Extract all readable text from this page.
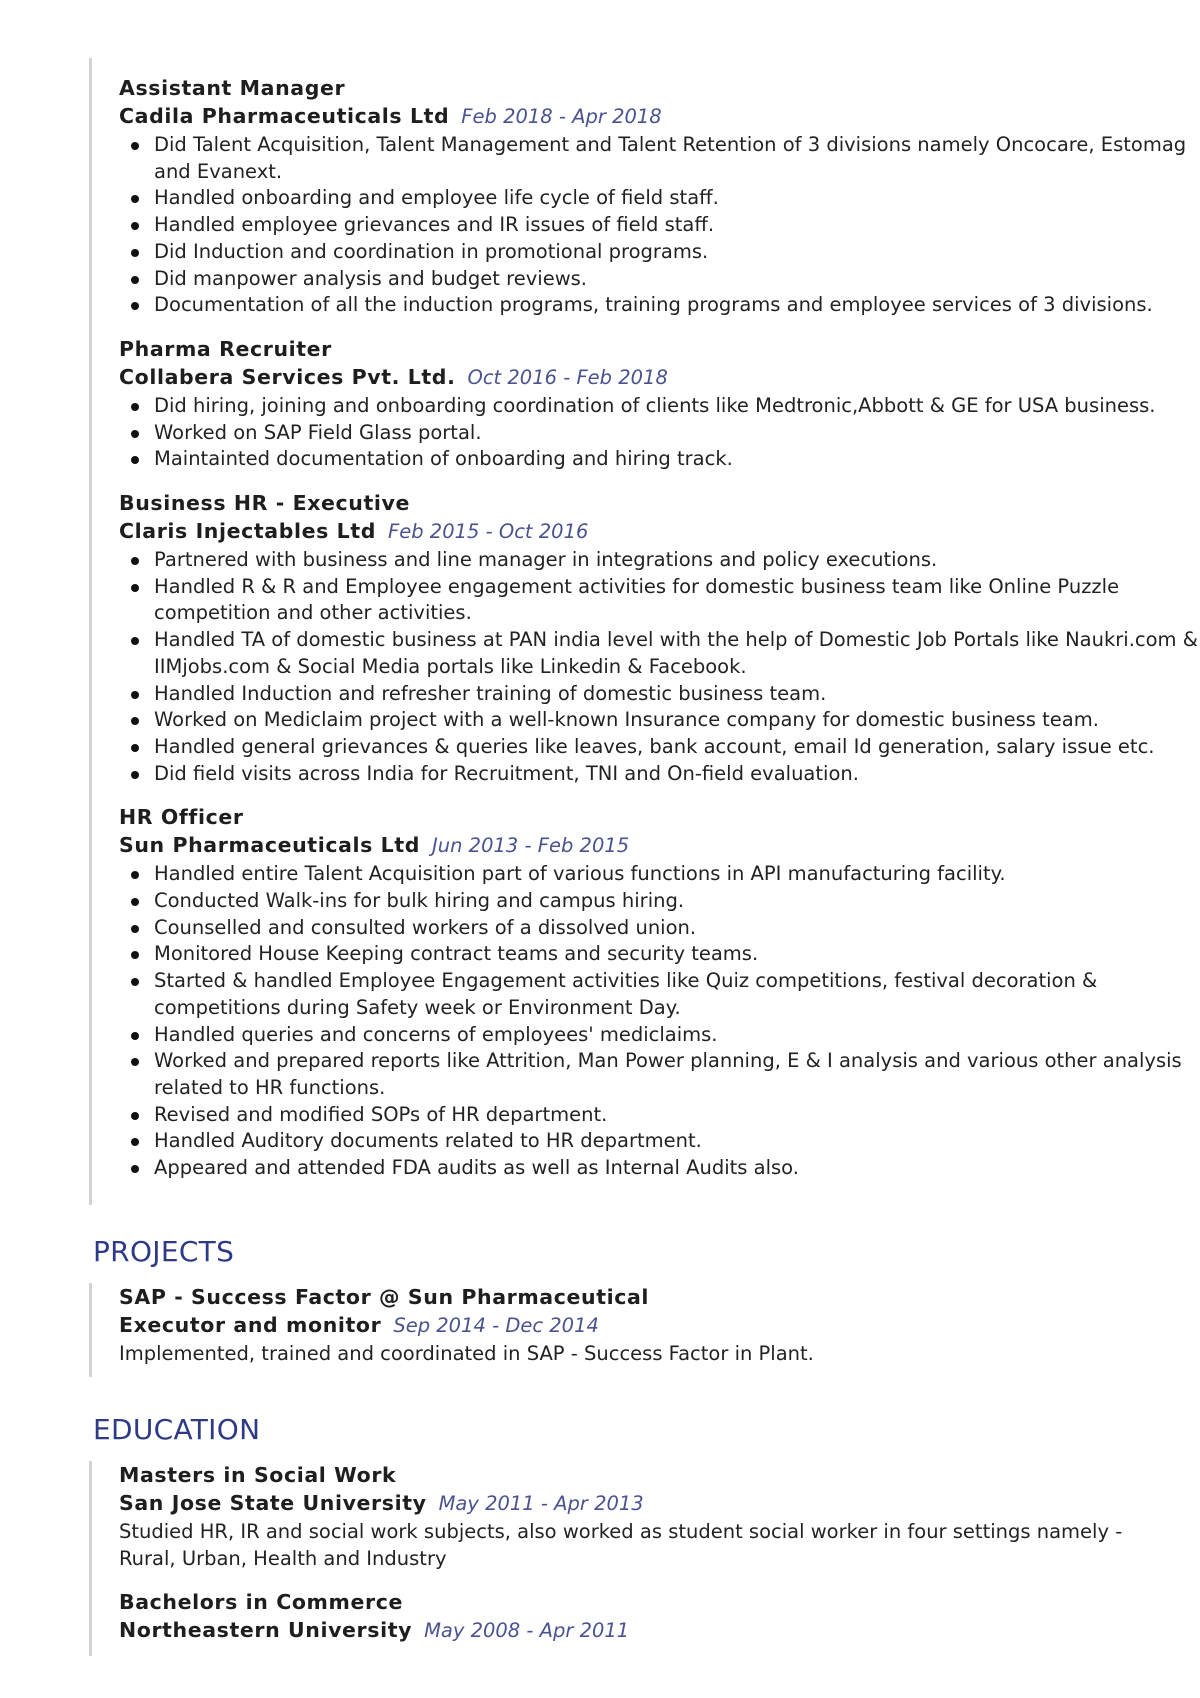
Assistant Manager
Cadila Pharmaceuticals Ltd Feb 2018 - Apr 2018
Did Talent Acquisition, Talent Management and Talent Retention of 3 divisions namely Oncocare, Estomag and Evanext.
Handled onboarding and employee life cycle of field staff.
Handled employee grievances and IR issues of field staff.
Did Induction and coordination in promotional programs.
Did manpower analysis and budget reviews.
Documentation of all the induction programs, training programs and employee services of 3 divisions.
Pharma Recruiter
Collabera Services Pvt. Ltd. Oct 2016 - Feb 2018
Did hiring, joining and onboarding coordination of clients like Medtronic,Abbott & GE for USA business.
Worked on SAP Field Glass portal.
Maintainted documentation of onboarding and hiring track.
Business HR - Executive
Claris Injectables Ltd Feb 2015 - Oct 2016
Partnered with business and line manager in integrations and policy executions.
Handled R & R and Employee engagement activities for domestic business team like Online Puzzle competition and other activities.
Handled TA of domestic business at PAN india level with the help of Domestic Job Portals like Naukri.com & IIMjobs.com & Social Media portals like Linkedin & Facebook.
Handled Induction and refresher training of domestic business team.
Worked on Mediclaim project with a well-known Insurance company for domestic business team.
Handled general grievances & queries like leaves, bank account, email Id generation, salary issue etc.
Did field visits across India for Recruitment, TNI and On-field evaluation.
HR Officer
Sun Pharmaceuticals Ltd Jun 2013 - Feb 2015
Handled entire Talent Acquisition part of various functions in API manufacturing facility.
Conducted Walk-ins for bulk hiring and campus hiring.
Counselled and consulted workers of a dissolved union.
Monitored House Keeping contract teams and security teams.
Started & handled Employee Engagement activities like Quiz competitions, festival decoration & competitions during Safety week or Environment Day.
Handled queries and concerns of employees' mediclaims.
Worked and prepared reports like Attrition, Man Power planning, E & I analysis and various other analysis related to HR functions.
Revised and modified SOPs of HR department.
Handled Auditory documents related to HR department.
Appeared and attended FDA audits as well as Internal Audits also.
PROJECTS
SAP - Success Factor @ Sun Pharmaceutical
Executor and monitor Sep 2014 - Dec 2014
Implemented, trained and coordinated in SAP - Success Factor in Plant.
EDUCATION
Masters in Social Work
San Jose State University May 2011 - Apr 2013
Studied HR, IR and social work subjects, also worked as student social worker in four settings namely - Rural, Urban, Health and Industry
Bachelors in Commerce
Northeastern University May 2008 - Apr 2011
